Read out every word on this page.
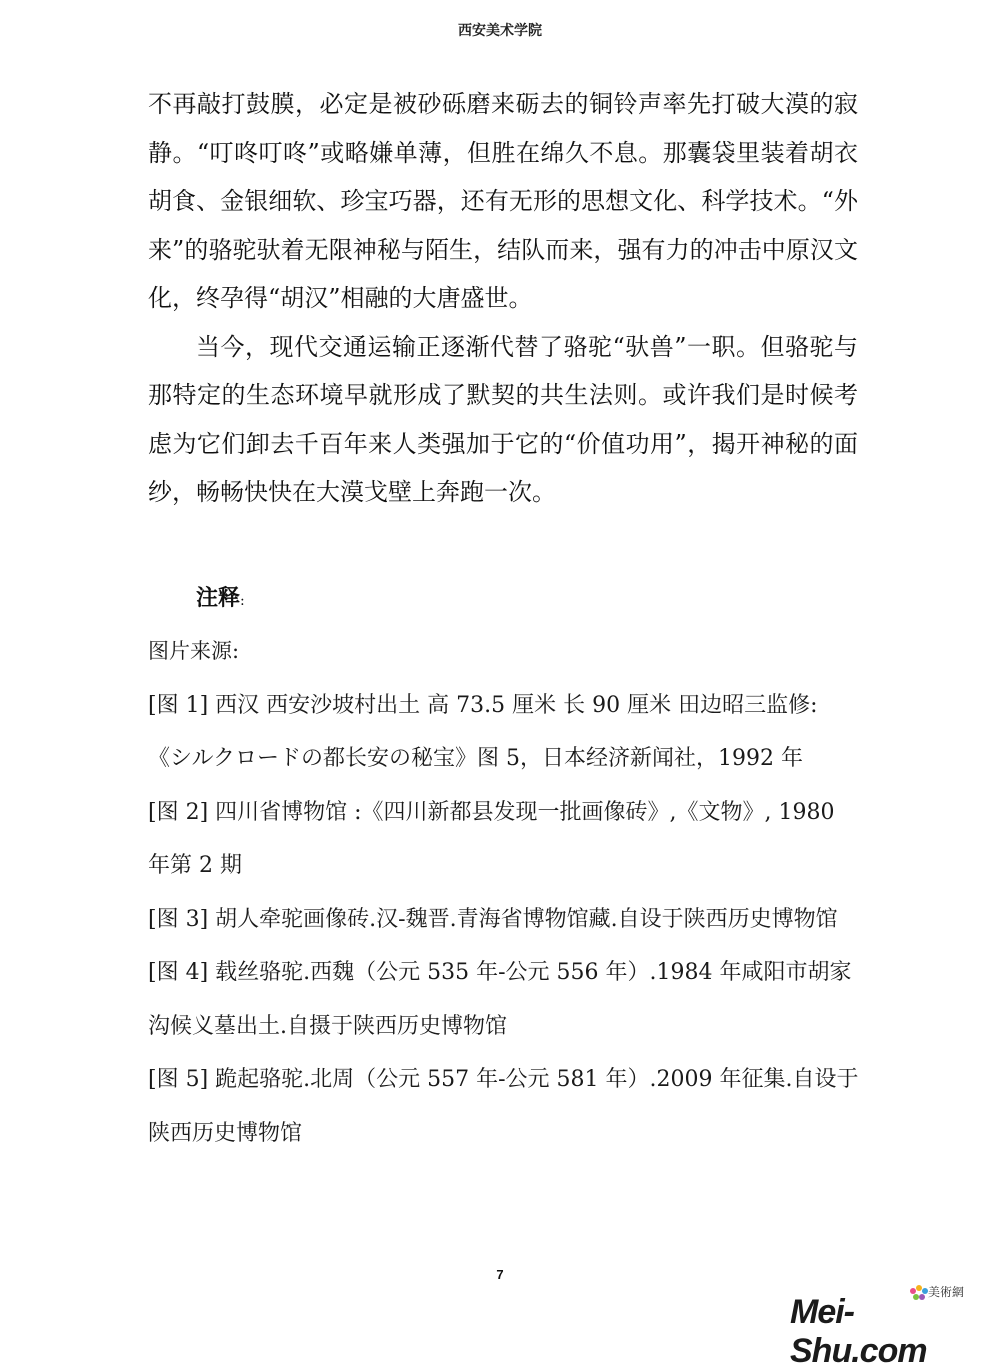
西安美术学院

不再敲打鼓膜，必定是被砂砾磨来砺去的铜铃声率先打破大漠的寂静。“叮咚叮咚”或略嫌单薄，但胜在绵久不息。那囊袋里装着胡衣胡食、金银细软、珍宝巧器，还有无形的思想文化、科学技术。“外来”的骆驼驮着无限神秘与陌生，结队而来，强有力的冲击中原汉文化，终孕得“胡汉”相融的大唐盛世。

当今，现代交通运输正逐渐代替了骆驼“驮兽”一职。但骆驼与那特定的生态环境早就形成了默契的共生法则。或许我们是时候考虑为它们卸去千百年来人类强加于它的“价值功用”，揭开神秘的面纱，畅畅快快在大漠戈壁上奔跑一次。

注释:

图片来源:

[图 1] 西汉 西安沙坡村出土 高 73.5 厘米 长 90 厘米 田边昭三监修:《シルクロードの都长安の秘宝》图 5，日本经济新闻社，1992 年

[图 2] 四川省博物馆 :《四川新都县发现一批画像砖》,《文物》, 1980 年第 2 期

[图 3] 胡人牵驼画像砖.汉-魏晋.青海省博物馆藏.自设于陕西历史博物馆

[图 4] 载丝骆驼.西魏（公元 535 年-公元 556 年）.1984 年咸阳市胡家沟候义墓出土.自摄于陕西历史博物馆

[图 5] 跪起骆驼.北周（公元 557 年-公元 581 年）.2009 年征集.自设于陕西历史博物馆

7
美術網
Mei-Shu.com
